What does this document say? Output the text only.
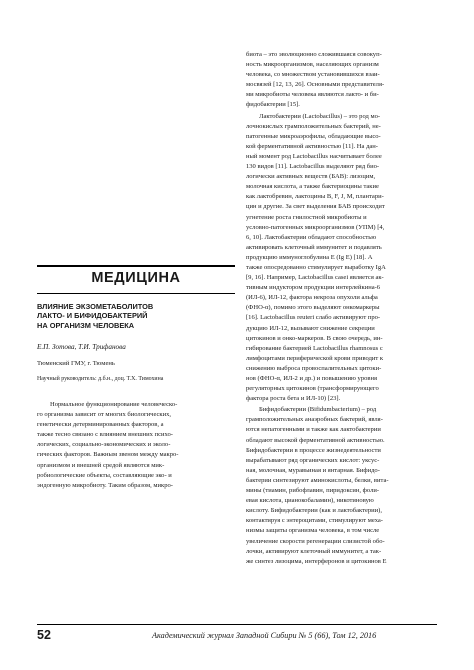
МЕДИЦИНА
ВЛИЯНИЕ ЭКЗОМЕТАБОЛИТОВ
ЛАКТО- И БИФИДОБАКТЕРИЙ
НА ОРГАНИЗМ ЧЕЛОВЕКА
Е.П. Зотова, Т.И. Трифанова
Тюменский ГМУ, г. Тюмень
Научный руководитель: д.б.н., доц. Т.Х. Тимохина

Нормальное функционирование человеческо-
го организма зависит от многих биологических,
генетически детерминированных факторов, а
также тесно связано с влиянием внешних психо-
логических, социально-экономических и эколо-
гических факторов. Важным звеном между макро-
организмом и внешней средой являются мик-
робиологические объекты, составляющие эко- и
эндогенную микробиоту. Таким образом, микро-

биота – это эволюционно сложившаяся совокуп-
ность микроорганизмов, населяющих организм
человека, со множеством установившихся взаи-
мосвязей [12, 13, 26]. Основными представителя-
ми микробиоты человека являются лакто- и би-
фидобактерии [15].

Лактобактерии (Lactobacillus) – это род мо-
лочнокислых грамположительных бактерий, не-
патогенные микроаэрофилы, обладающие высо-
кой ферментативной активностью [11]. На дан-
ный момент род Lactobacillus насчитывает более
130 видов [11]. Lactobacillus выделяют ряд био-
логически активных веществ (БАВ): лизоцим,
молочная кислота, а также бактериоцины такие
как лактобревин, лактоцины B, F, J, M, плантари-
цин и другие. За свет выделения БАВ происходит
угнетение роста гнилостной микробиоты и
условно-патогенных микроорганизмов (УПМ) [4,
6, 10]. Лактобактерии обладают способностью
активировать клеточный иммунитет и подавлять
продукцию иммуноглобулина E (Ig E) [18]. А
также опосредованно стимулирует выработку IgA
[9, 16]. Например, Lactobacillus casei является ак-
тивным индуктором продукции интерлейкина-6
(ИЛ-6), ИЛ-12, фактора некроза опухоли альфа
(ФНО-α), помимо этого выделяют онкомаркеры
[16]. Lactobacillus reuteri слабо активируют про-
дукцию ИЛ-12, вызывают снижение секреции
цитокинов и онко-маркеров. В свою очередь, ин-
гибирование бактерией Lactobacillus rhamnosus с
лимфоцитами периферической крови приводит к
снижению выброса провоспалительных цитоки-
нов (ФНО-α, ИЛ-2 и др.) и повышению уровня
регуляторных цитокинов (трансформирующего
фактора роста бета и ИЛ-10) [23].

Бифидобактерии (Bifidumbacterium) – род
грамположительных анаэробных бактерий, явля-
ются непатогенными и также как лактобактерии
обладают высокой ферментативной активностью.
Бифидобактерии в процессе жизнедеятельности
вырабатывают ряд органических кислот: уксус-
ная, молочная, муравьиная и янтарная. Бифидо-
бактерии синтезируют аминокислоты, белки, вита-
мины (тиамин, рибофлавин, пиридоксин, фоли-
евая кислота, цианокобаламин), никотиновую
кислоту. Бифидобактерии (как и лактобактерии),
контактируя с энтероцитами, стимулируют меха-
низмы защиты организма человека, в том числе
увеличение скорости регенерации слизистой обо-
лочки, активируют клеточный иммунитет, а так-
же синтез лизоцима, интерферонов и цитокинов E

52	Академический журнал Западной Сибири № 5 (66), Том 12, 2016
